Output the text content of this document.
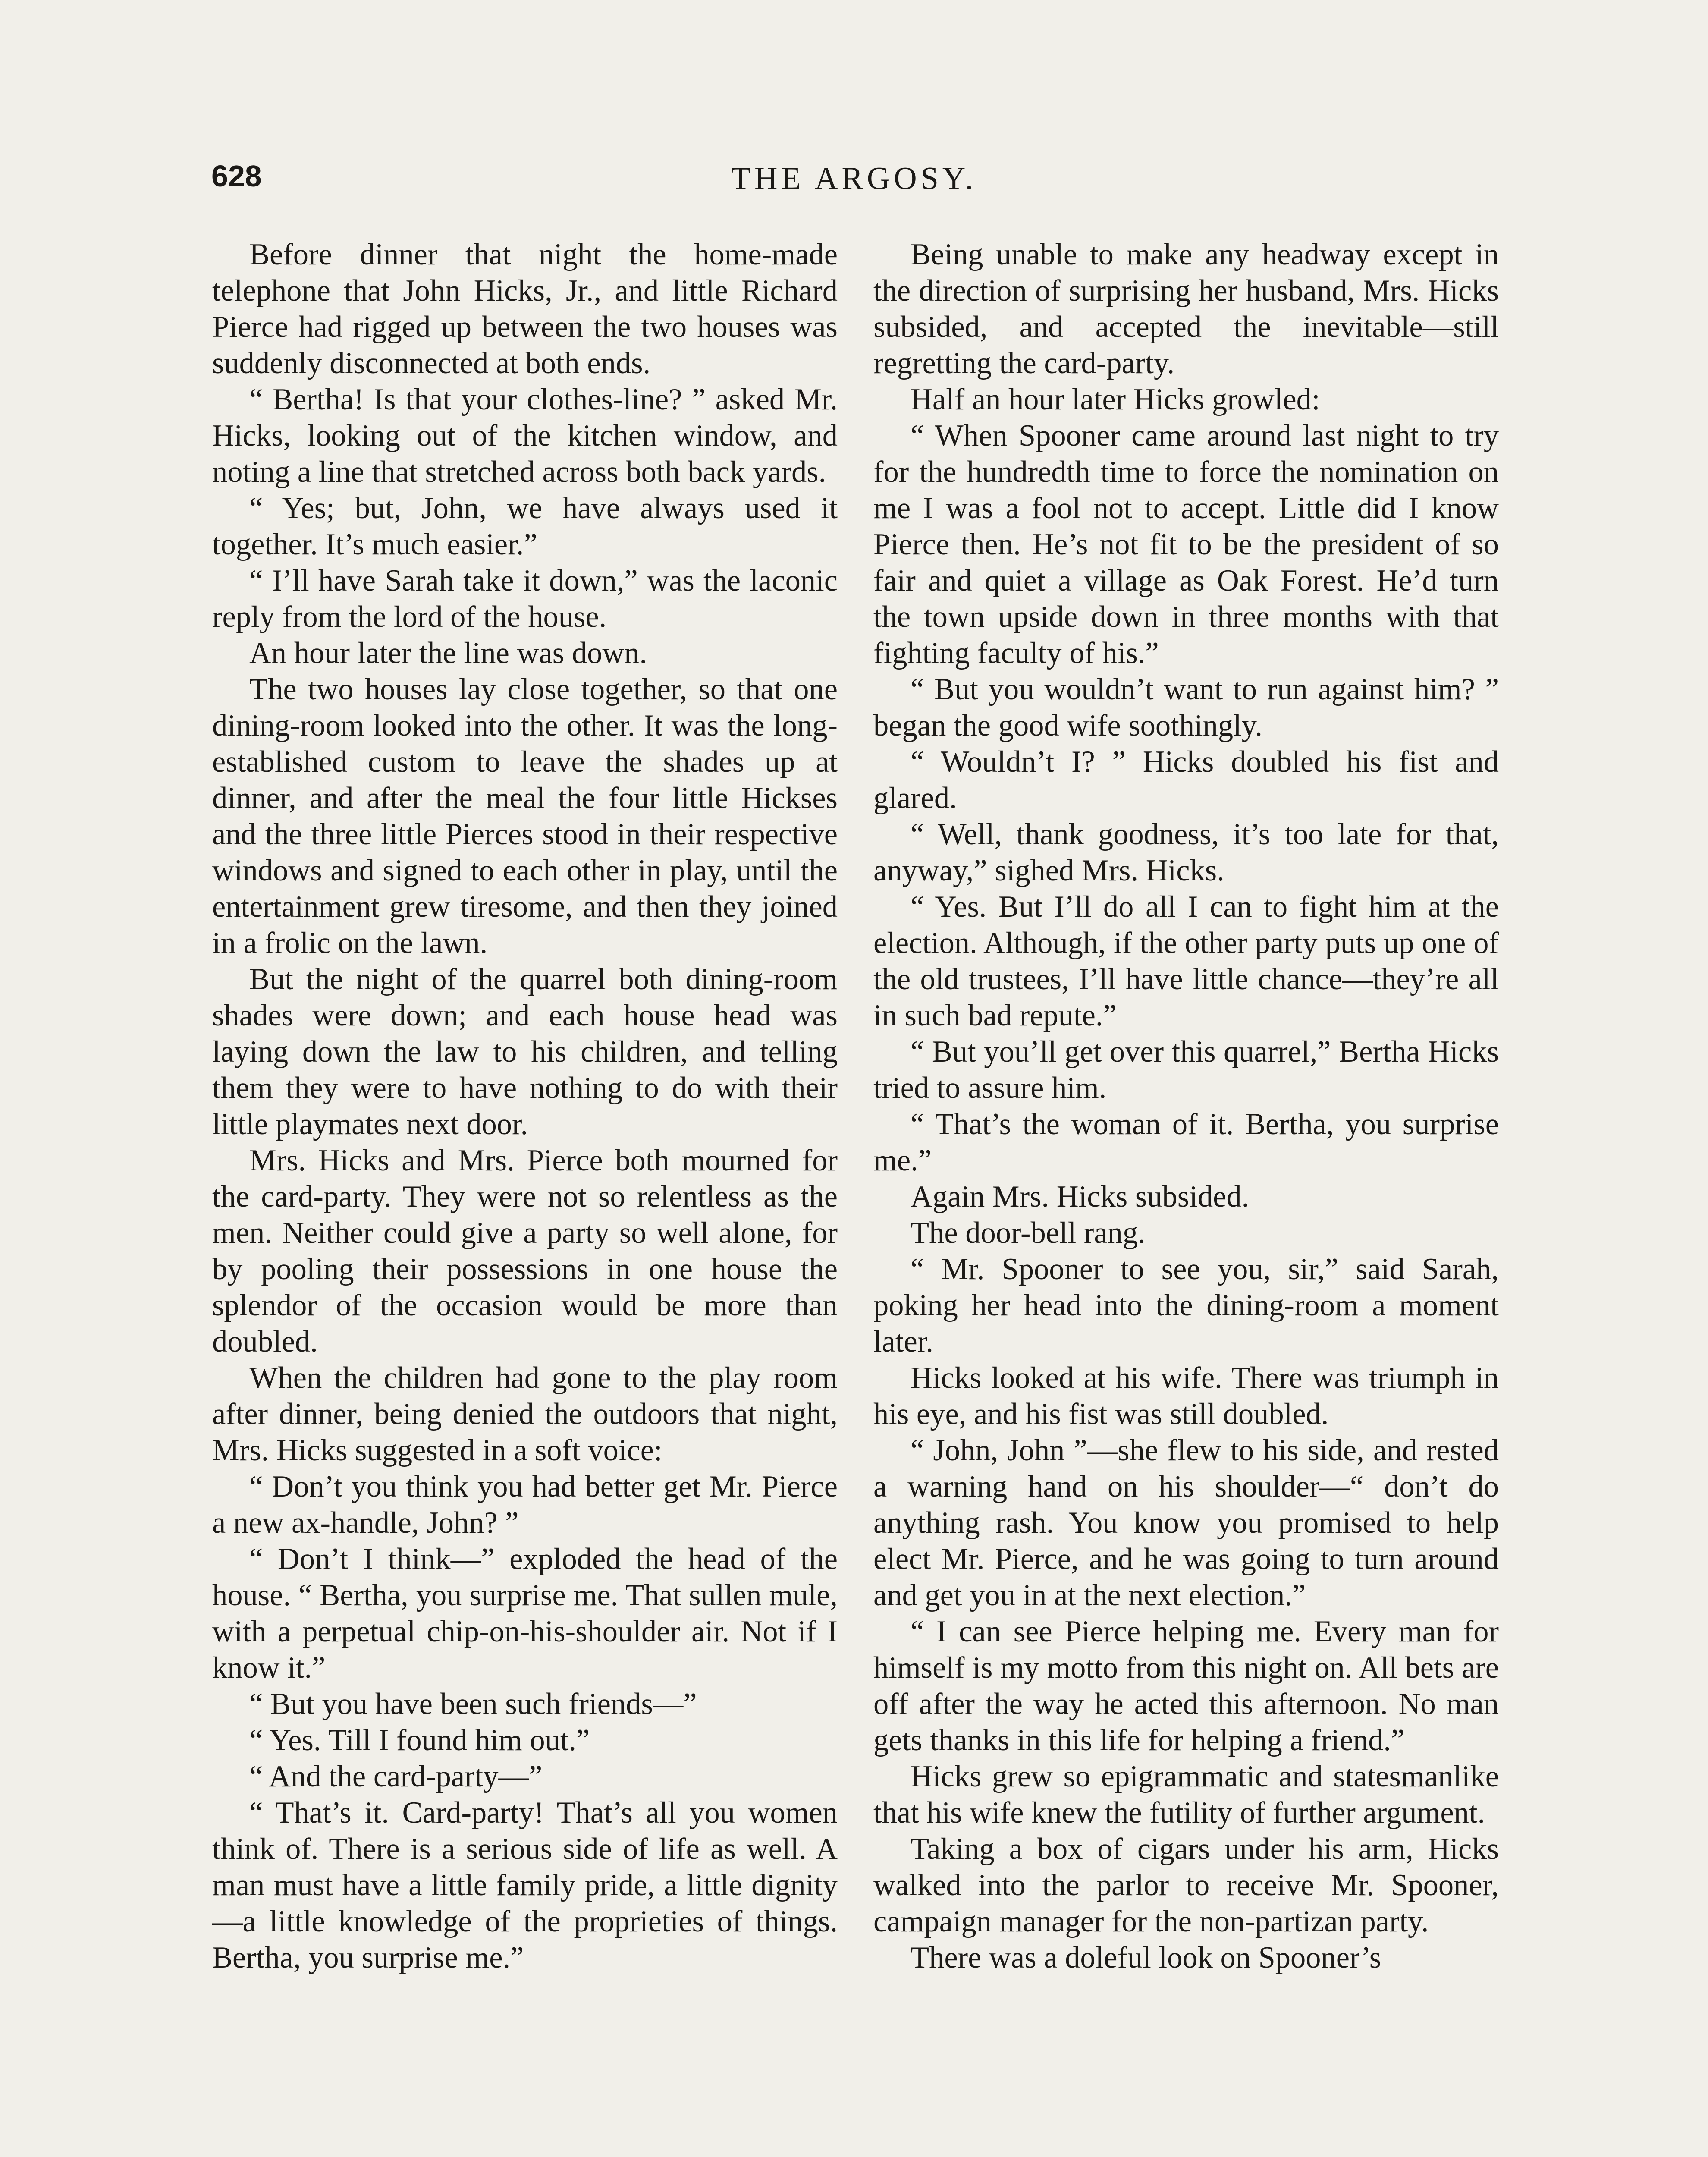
628	THE ARGOSY.

Before dinner that night the home-made telephone that John Hicks, Jr., and little Richard Pierce had rigged up between the two houses was suddenly disconnected at both ends.

“ Bertha! Is that your clothes-line? ” asked Mr. Hicks, looking out of the kitchen window, and noting a line that stretched across both back yards.

“ Yes; but, John, we have always used it together. It’s much easier.”

“ I’ll have Sarah take it down,” was the laconic reply from the lord of the house.

An hour later the line was down.

The two houses lay close together, so that one dining-room looked into the other. It was the long-established custom to leave the shades up at dinner, and after the meal the four little Hickses and the three little Pierces stood in their respective windows and signed to each other in play, until the entertainment grew tiresome, and then they joined in a frolic on the lawn.

But the night of the quarrel both dining-room shades were down; and each house head was laying down the law to his children, and telling them they were to have nothing to do with their little playmates next door.

Mrs. Hicks and Mrs. Pierce both mourned for the card-party. They were not so relentless as the men. Neither could give a party so well alone, for by pooling their possessions in one house the splendor of the occasion would be more than doubled.

When the children had gone to the play room after dinner, being denied the outdoors that night, Mrs. Hicks suggested in a soft voice:

“ Don’t you think you had better get Mr. Pierce a new ax-handle, John? ”

“ Don’t I think—” exploded the head of the house. “ Bertha, you surprise me. That sullen mule, with a perpetual chip-on-his-shoulder air. Not if I know it.”

“ But you have been such friends—”

“ Yes. Till I found him out.”

“ And the card-party—”

“ That’s it. Card-party! That’s all you women think of. There is a serious side of life as well. A man must have a little family pride, a little dignity—a little knowledge of the proprieties of things. Bertha, you surprise me.”

Being unable to make any headway except in the direction of surprising her husband, Mrs. Hicks subsided, and accepted the inevitable—still regretting the card-party.

Half an hour later Hicks growled:

“ When Spooner came around last night to try for the hundredth time to force the nomination on me I was a fool not to accept. Little did I know Pierce then. He’s not fit to be the president of so fair and quiet a village as Oak Forest. He’d turn the town upside down in three months with that fighting faculty of his.”

“ But you wouldn’t want to run against him? ” began the good wife soothingly.

“ Wouldn’t I? ” Hicks doubled his fist and glared.

“ Well, thank goodness, it’s too late for that, anyway,” sighed Mrs. Hicks.

“ Yes. But I’ll do all I can to fight him at the election. Although, if the other party puts up one of the old trustees, I’ll have little chance—they’re all in such bad repute.”

“ But you’ll get over this quarrel,” Bertha Hicks tried to assure him.

“ That’s the woman of it. Bertha, you surprise me.”

Again Mrs. Hicks subsided.

The door-bell rang.

“ Mr. Spooner to see you, sir,” said Sarah, poking her head into the dining-room a moment later.

Hicks looked at his wife. There was triumph in his eye, and his fist was still doubled.

“ John, John ”—she flew to his side, and rested a warning hand on his shoulder—“ don’t do anything rash. You know you promised to help elect Mr. Pierce, and he was going to turn around and get you in at the next election.”

“ I can see Pierce helping me. Every man for himself is my motto from this night on. All bets are off after the way he acted this afternoon. No man gets thanks in this life for helping a friend.”

Hicks grew so epigrammatic and statesmanlike that his wife knew the futility of further argument.

Taking a box of cigars under his arm, Hicks walked into the parlor to receive Mr. Spooner, campaign manager for the non-partizan party.

There was a doleful look on Spooner’s
